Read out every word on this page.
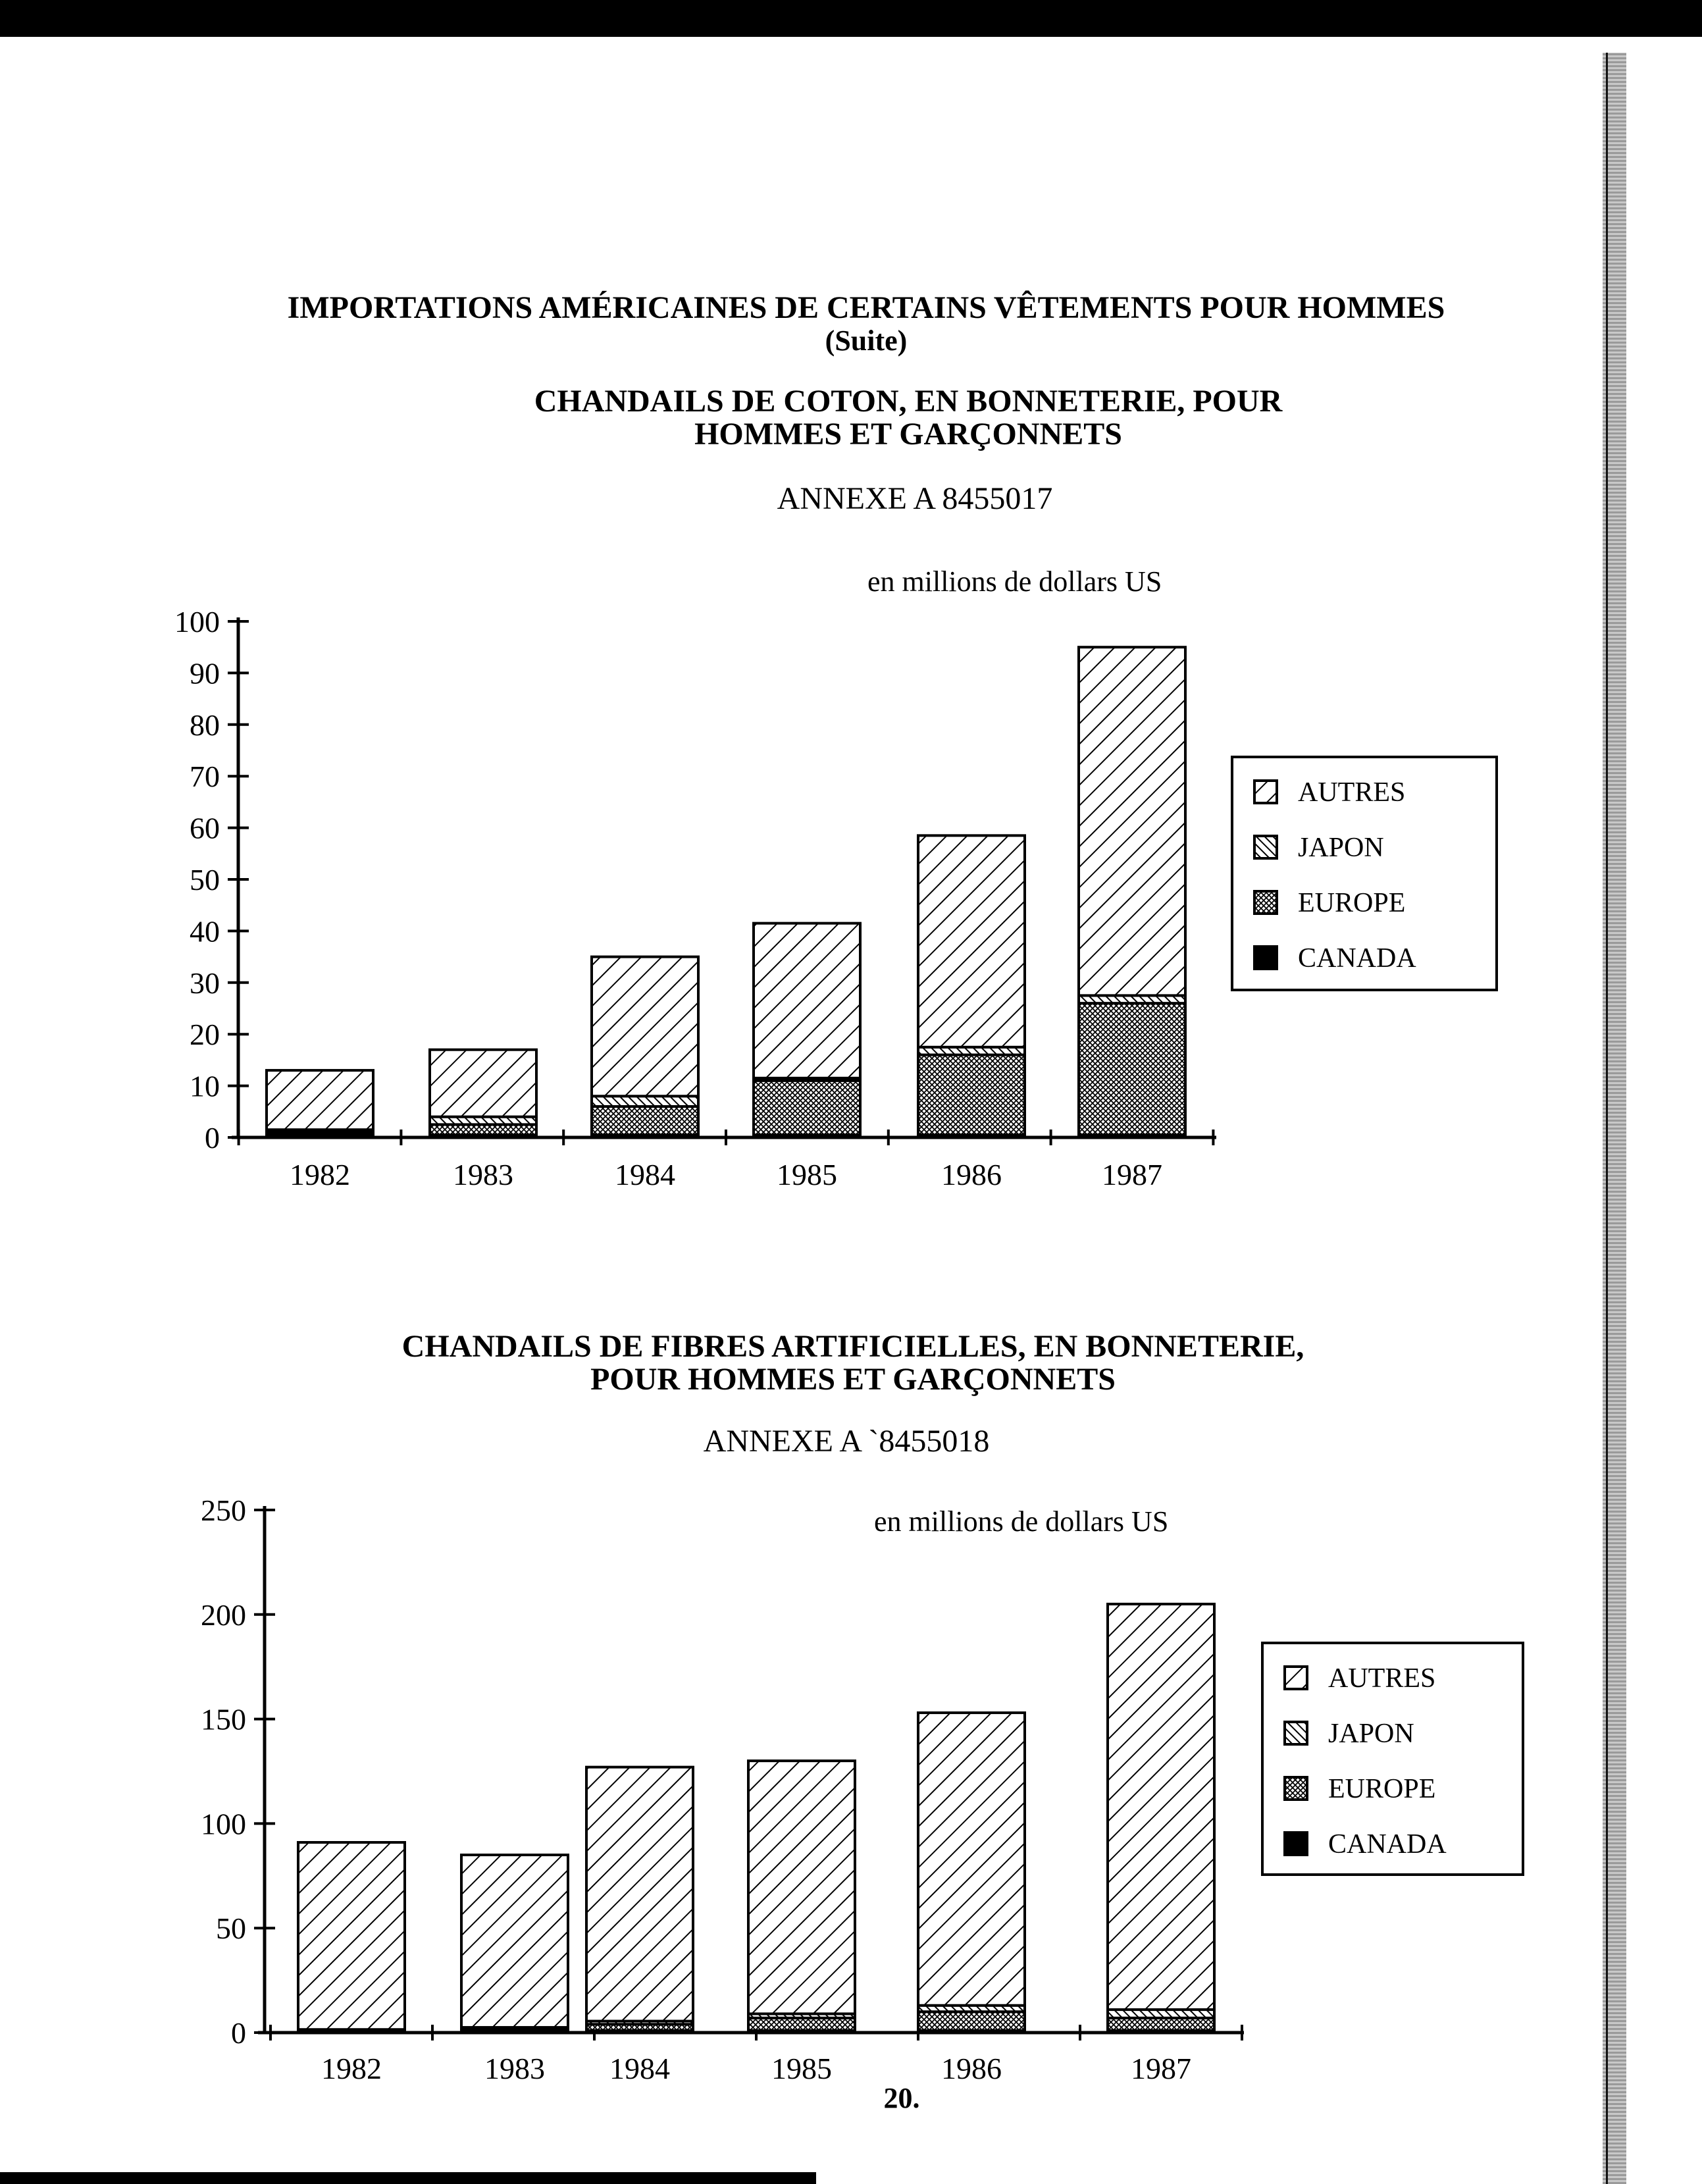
IMPORTATIONS AMÉRICAINES DE CERTAINS VÊTEMENTS POUR HOMMES
(Suite)
CHANDAILS DE COTON, EN BONNETERIE, POUR
HOMMES ET GARÇONNETS
ANNEXE A 8455017
en millions de dollars US
CHANDAILS DE FIBRES ARTIFICIELLES, EN BONNETERIE,
POUR HOMMES ET GARÇONNETS
ANNEXE A `8455018
en millions de dollars US
20.
0
10
20
30
40
50
60
70
80
90
100
1982	1983	1984	1985	1986	1987
AUTRES
JAPON
EUROPE
CANADA
0
50
100
150
200
250
1982	1983 1984	1985	1986	1987
AUTRES
JAPON
EUROPE
CANADA
